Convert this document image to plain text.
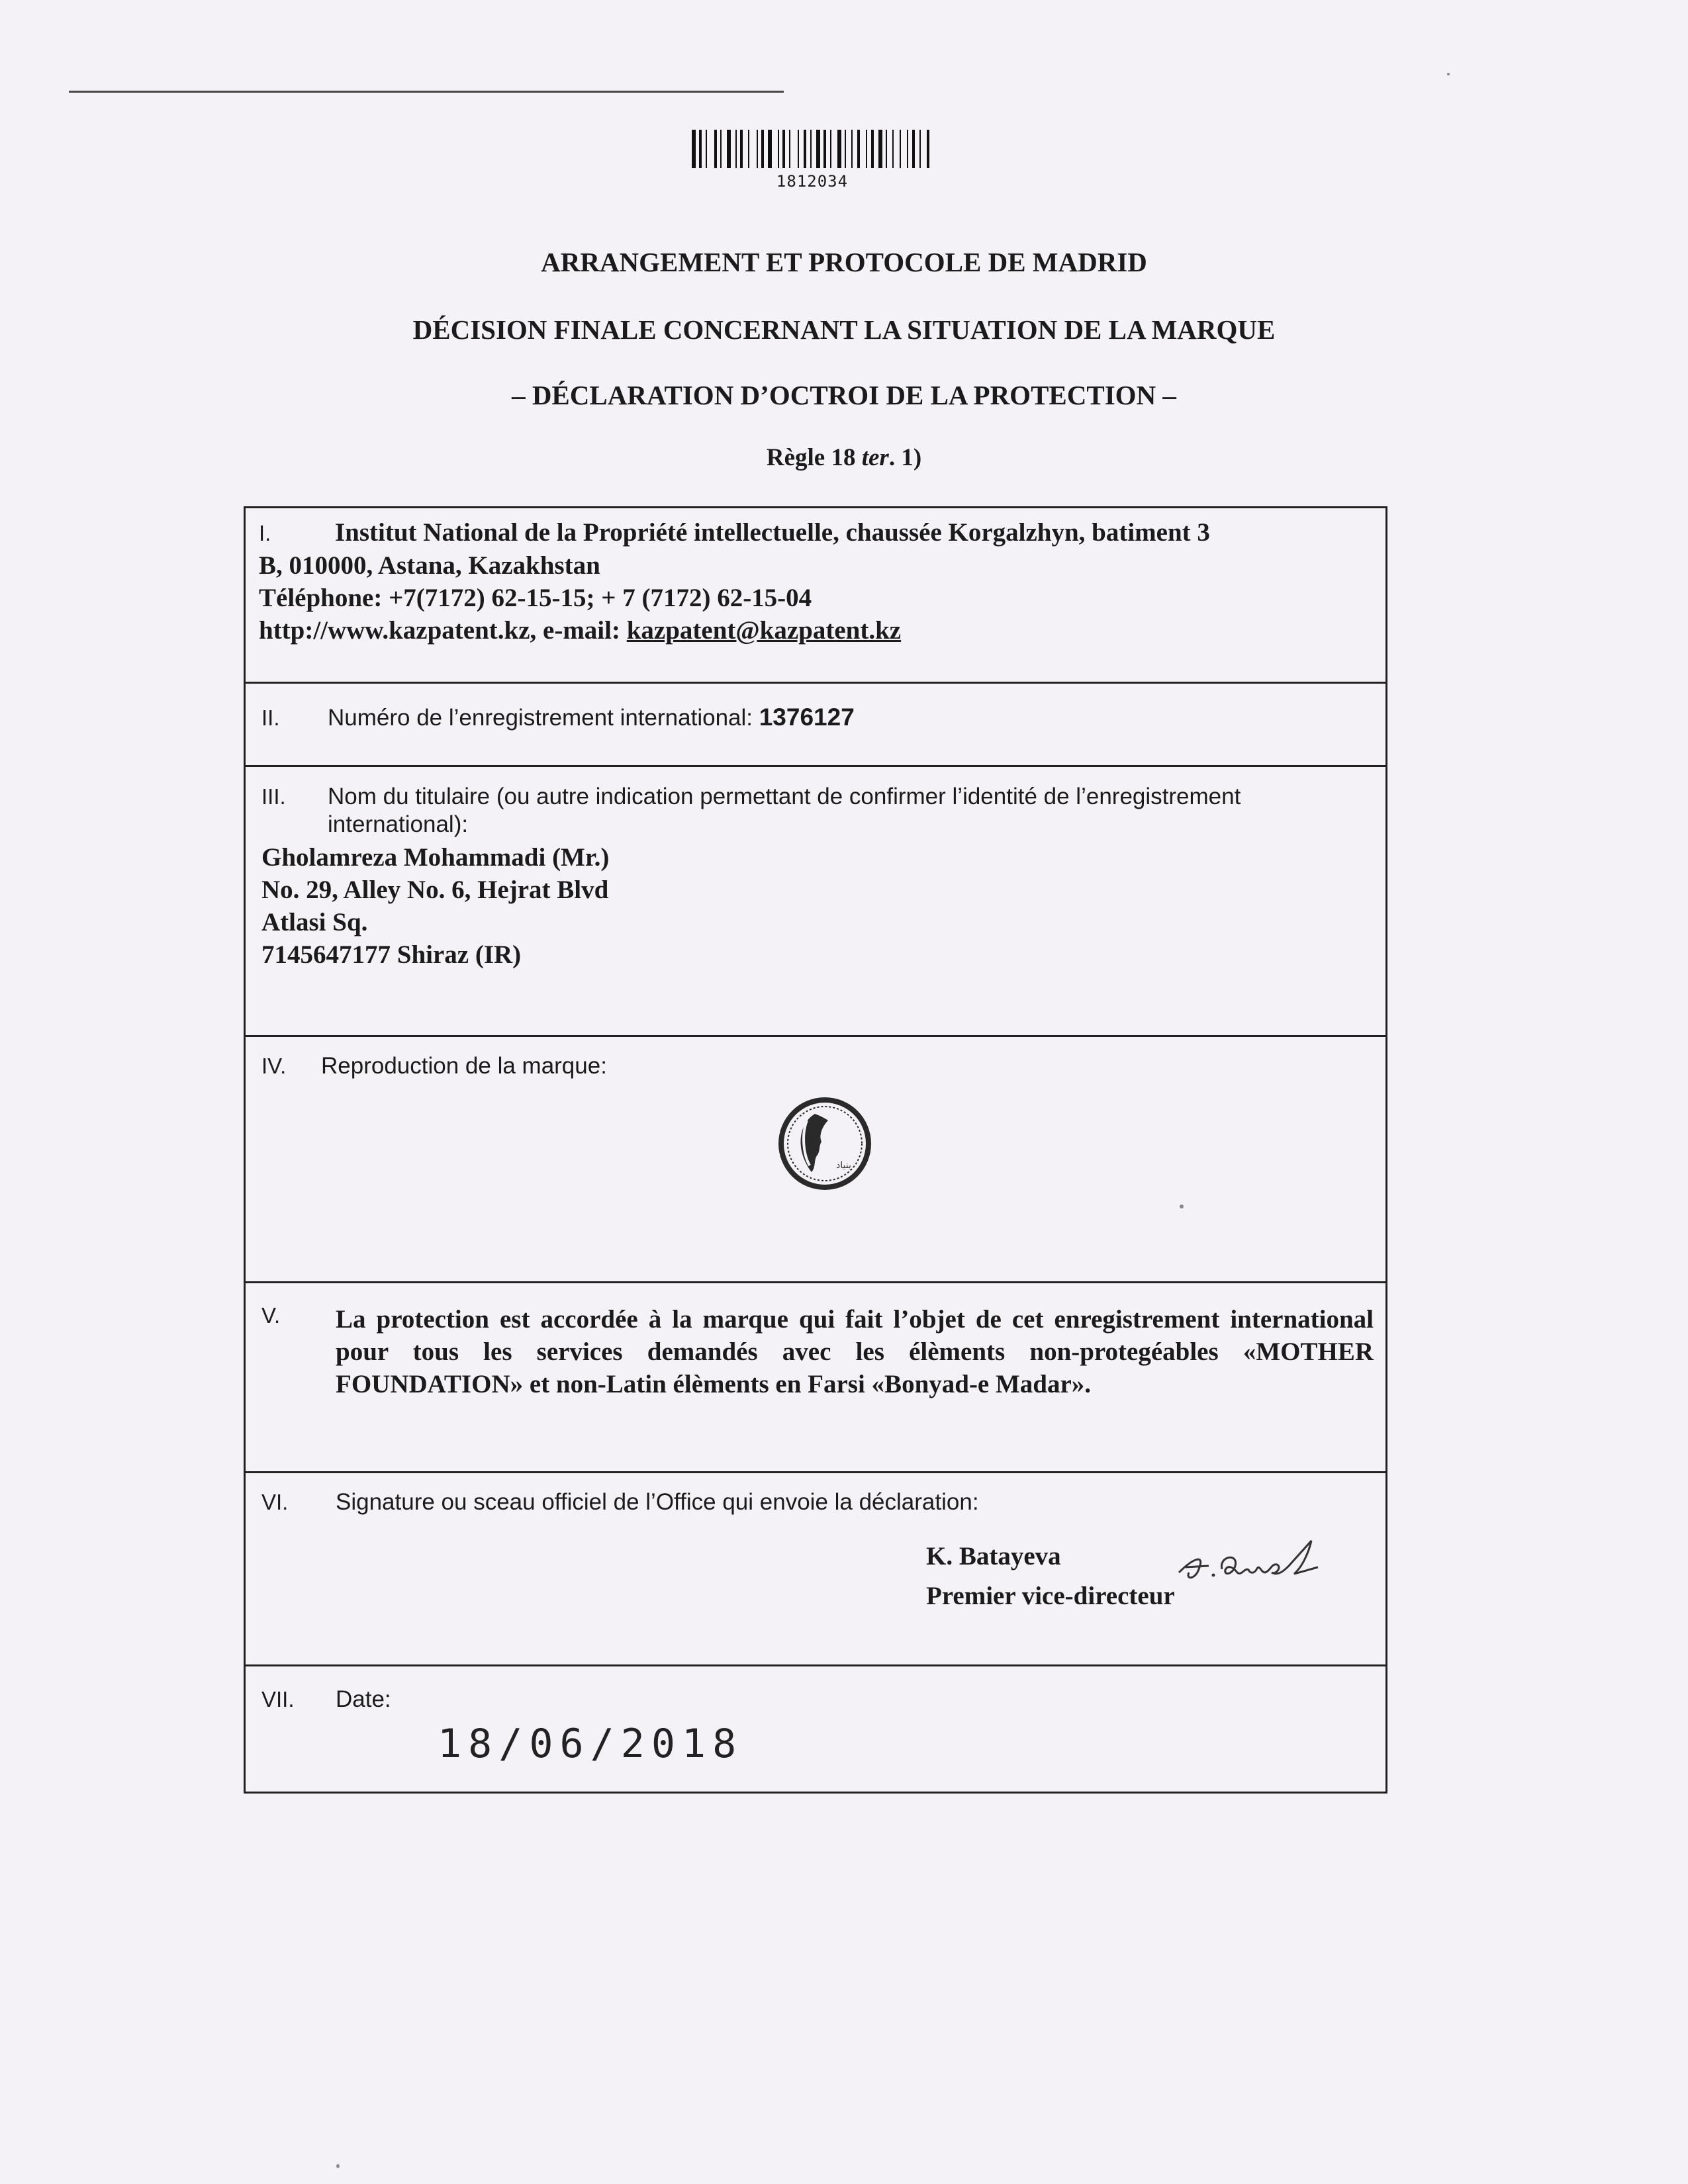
1812034
ARRANGEMENT ET PROTOCOLE DE MADRID
DÉCISION FINALE CONCERNANT LA SITUATION DE LA MARQUE
– DÉCLARATION D’OCTROI DE LA PROTECTION –
Règle 18 ter. 1)
I. Institut National de la Propriété intellectuelle, chaussée Korgalzhyn, batiment 3
B, 010000, Astana, Kazakhstan
Téléphone: +7(7172) 62-15-15; + 7 (7172) 62-15-04
http://www.kazpatent.kz, e-mail: kazpatent@kazpatent.kz
II. Numéro de l’enregistrement international: 1376127
III. Nom du titulaire (ou autre indication permettant de confirmer l’identité de l’enregistrement
international):
Gholamreza Mohammadi (Mr.)
No. 29, Alley No. 6, Hejrat Blvd
Atlasi Sq.
7145647177 Shiraz (IR)
IV. Reproduction de la marque:
ﺑﻨﯿﺎﺩ
V. La protection est accordée à la marque qui fait l’objet de cet enregistrement international pour tous les services demandés avec les élèments non-protegéables «MOTHER FOUNDATION» et non-Latin élèments en Farsi «Bonyad-e Madar».
VI. Signature ou sceau officiel de l’Office qui envoie la déclaration:
K. Batayeva
Premier vice-directeur
VII. Date:
18/06/2018
